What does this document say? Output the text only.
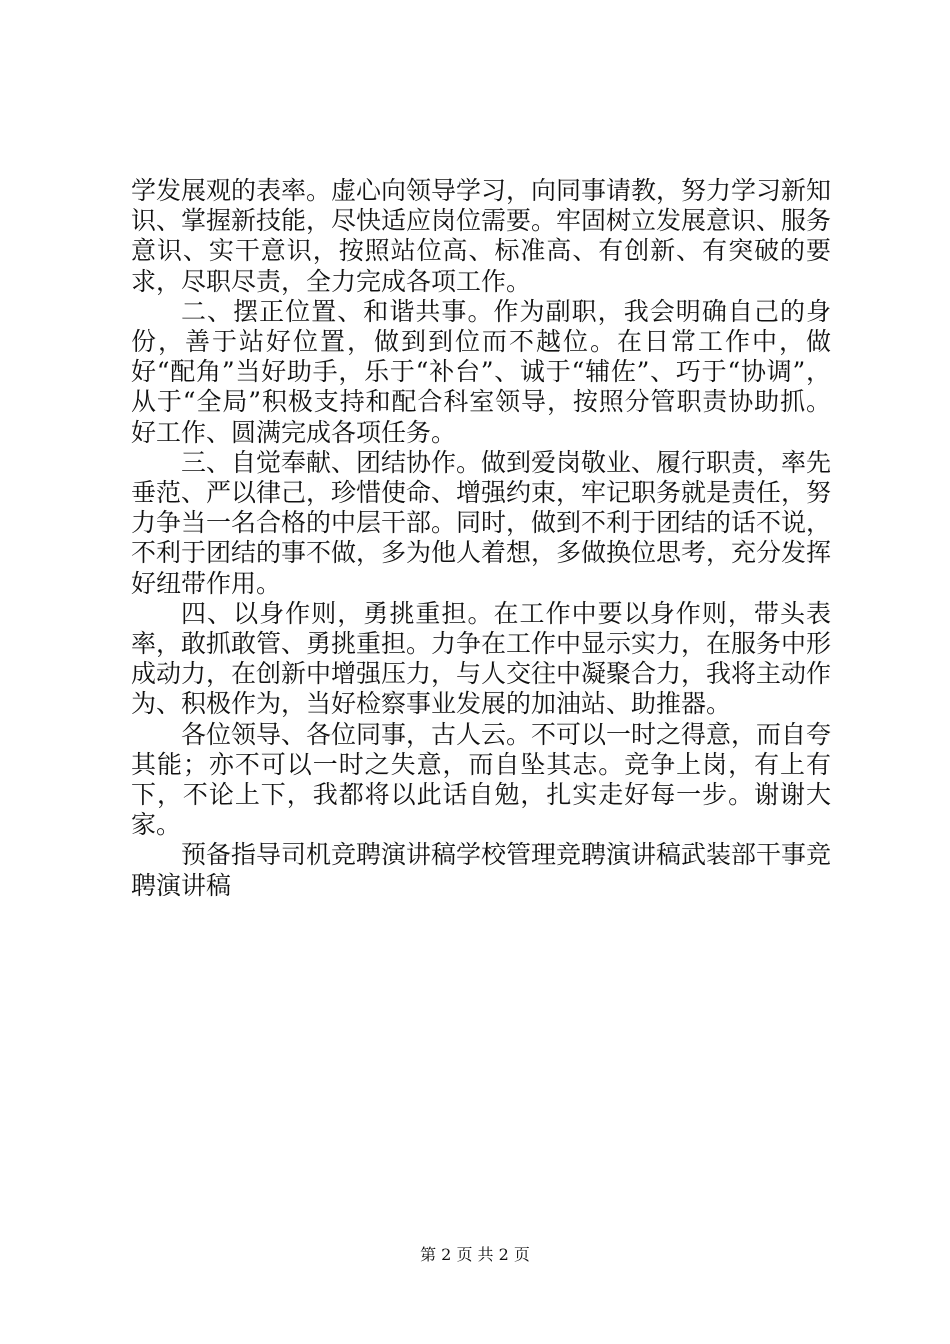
学发展观的表率。虚心向领导学习，向同事请教，努力学习新知识、掌握新技能，尽快适应岗位需要。牢固树立发展意识、服务意识、实干意识，按照站位高、标准高、有创新、有突破的要求，尽职尽责，全力完成各项工作。

二、摆正位置、和谐共事。作为副职，我会明确自己的身份，善于站好位置，做到到位而不越位。在日常工作中，做好“配角”当好助手，乐于“补台”、诚于“辅佐”、巧于“协调”，从于“全局”积极支持和配合科室领导，按照分管职责协助抓。好工作、圆满完成各项任务。

三、自觉奉献、团结协作。做到爱岗敬业、履行职责，率先垂范、严以律己，珍惜使命、增强约束，牢记职务就是责任，努力争当一名合格的中层干部。同时，做到不利于团结的话不说，不利于团结的事不做，多为他人着想，多做换位思考，充分发挥好纽带作用。

四、以身作则，勇挑重担。在工作中要以身作则，带头表率，敢抓敢管、勇挑重担。力争在工作中显示实力，在服务中形成动力，在创新中增强压力，与人交往中凝聚合力，我将主动作为、积极作为，当好检察事业发展的加油站、助推器。

各位领导、各位同事，古人云。不可以一时之得意，而自夸其能；亦不可以一时之失意，而自坠其志。竞争上岗，有上有下，不论上下，我都将以此话自勉，扎实走好每一步。谢谢大家。

预备指导司机竞聘演讲稿学校管理竞聘演讲稿武装部干事竞聘演讲稿

第 2 页 共 2 页
